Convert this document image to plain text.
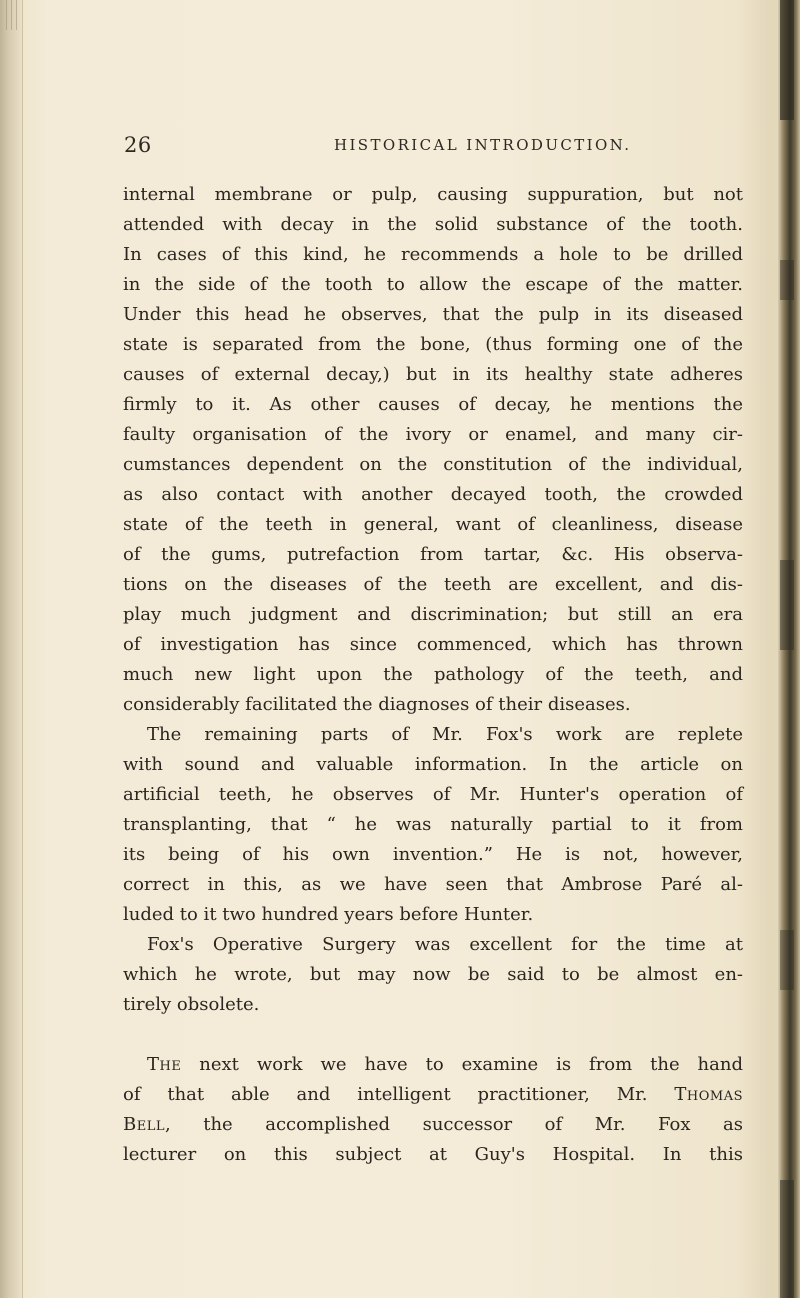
26	HISTORICAL INTRODUCTION.
internal membrane or pulp, causing suppuration, but not
attended with decay in the solid substance of the tooth.
In cases of this kind, he recommends a hole to be drilled
in the side of the tooth to allow the escape of the matter.
Under this head he observes, that the pulp in its diseased
state is separated from the bone, (thus forming one of the
causes of external decay,) but in its healthy state adheres
firmly to it. As other causes of decay, he mentions the
faulty organisation of the ivory or enamel, and many cir-
cumstances dependent on the constitution of the individual,
as also contact with another decayed tooth, the crowded
state of the teeth in general, want of cleanliness, disease
of the gums, putrefaction from tartar, &c. His observa-
tions on the diseases of the teeth are excellent, and dis-
play much judgment and discrimination; but still an era
of investigation has since commenced, which has thrown
much new light upon the pathology of the teeth, and
considerably facilitated the diagnoses of their diseases.
The remaining parts of Mr. Fox's work are replete
with sound and valuable information. In the article on
artificial teeth, he observes of Mr. Hunter's operation of
transplanting, that “ he was naturally partial to it from
its being of his own invention.” He is not, however,
correct in this, as we have seen that Ambrose Paré al-
luded to it two hundred years before Hunter.
Fox's Operative Surgery was excellent for the time at
which he wrote, but may now be said to be almost en-
tirely obsolete.
The next work we have to examine is from the hand
of that able and intelligent practitioner, Mr. Thomas
Bell, the accomplished successor of Mr. Fox as
lecturer on this subject at Guy's Hospital. In this
